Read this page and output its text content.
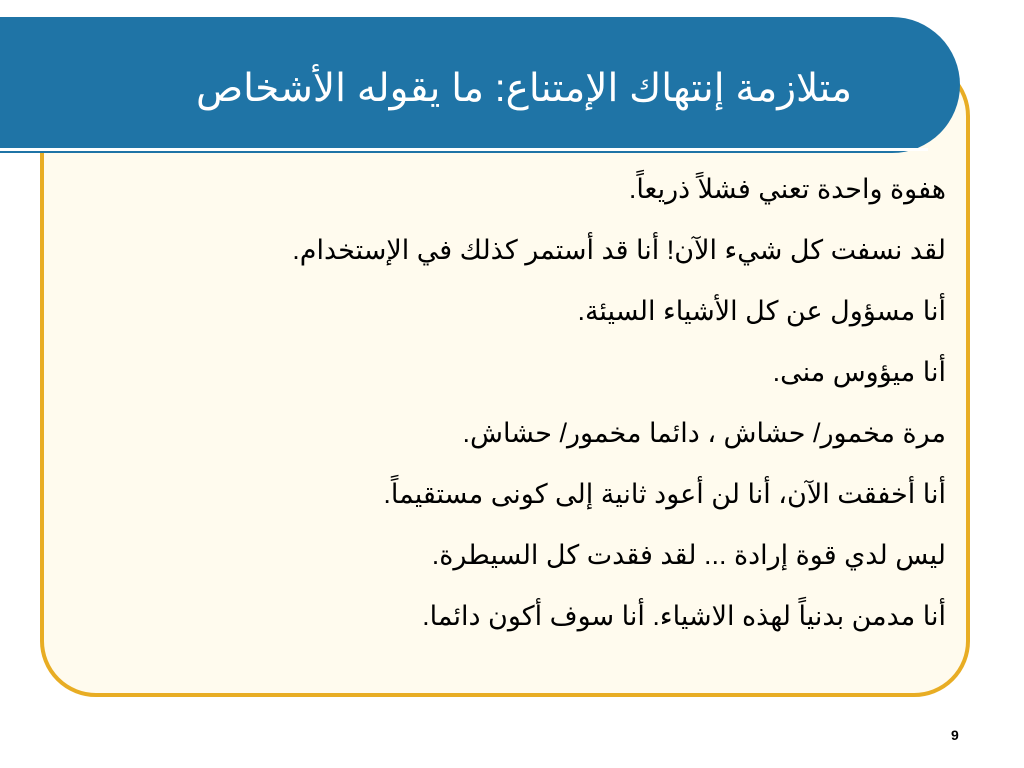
متلازمة إنتهاك الإمتناع: ما يقوله الأشخاص
هفوة واحدة تعني فشلاً ذريعاً.
لقد نسفت كل شيء الآن! أنا قد أستمر كذلك في الإستخدام.
أنا مسؤول عن كل الأشياء السيئة.
أنا ميؤوس منى.
مرة مخمور/ حشاش ، دائما مخمور/ حشاش.
أنا أخفقت الآن، أنا لن أعود ثانية إلى كونى مستقيماً.
ليس لدي قوة إرادة ... لقد فقدت كل السيطرة.
أنا مدمن بدنياً لهذه الاشياء. أنا سوف أكون دائما.
9
